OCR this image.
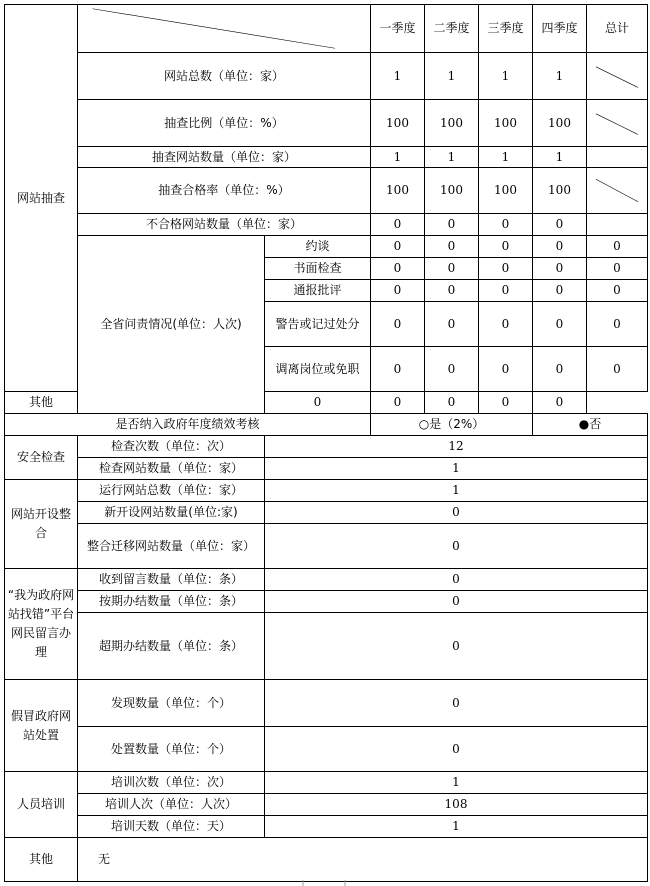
网站抽查			一季度	二季度	三季度	四季度	总计
	网站总数（单位：家）		1	1	1	1	

	抽查比例（单位：%）		100	100	100	100	

	抽查网站数量（单位：家）		1	1	1	1	
	抽查合格率（单位：%）		100	100	100	100	

	不合格网站数量（单位：家）		0	0	0	0	
	全省问责情况(单位：人次)	约谈	0	0	0	0	0
		书面检查	0	0	0	0	0
		通报批评	0	0	0	0	0
		警告或记过处分	0	0	0	0	0
		调离岗位或免职	0	0	0	0	0
其他		0	0	0	0	0	
是否纳入政府年度绩效考核			○是（2%）			●否	
安全检查	检查次数（单位：次）	12					
	检查网站数量（单位：家）	1					
网站开设整合	运行网站总数（单位：家）	1					
	新开设网站数量(单位:家)	0					
	整合迁移网站数量（单位：家）	0					
“我为政府网站找错”平台网民留言办理	收到留言数量（单位：条）	0					
	按期办结数量（单位：条）	0					
	超期办结数量（单位：条）	0					
假冒政府网站处置	发现数量（单位：个）	0					
	处置数量（单位：个）	0					
人员培训	培训次数（单位：次）	1					
	培训人次（单位：人次）	108					
	培训天数（单位：天）	1					
其他	无						
